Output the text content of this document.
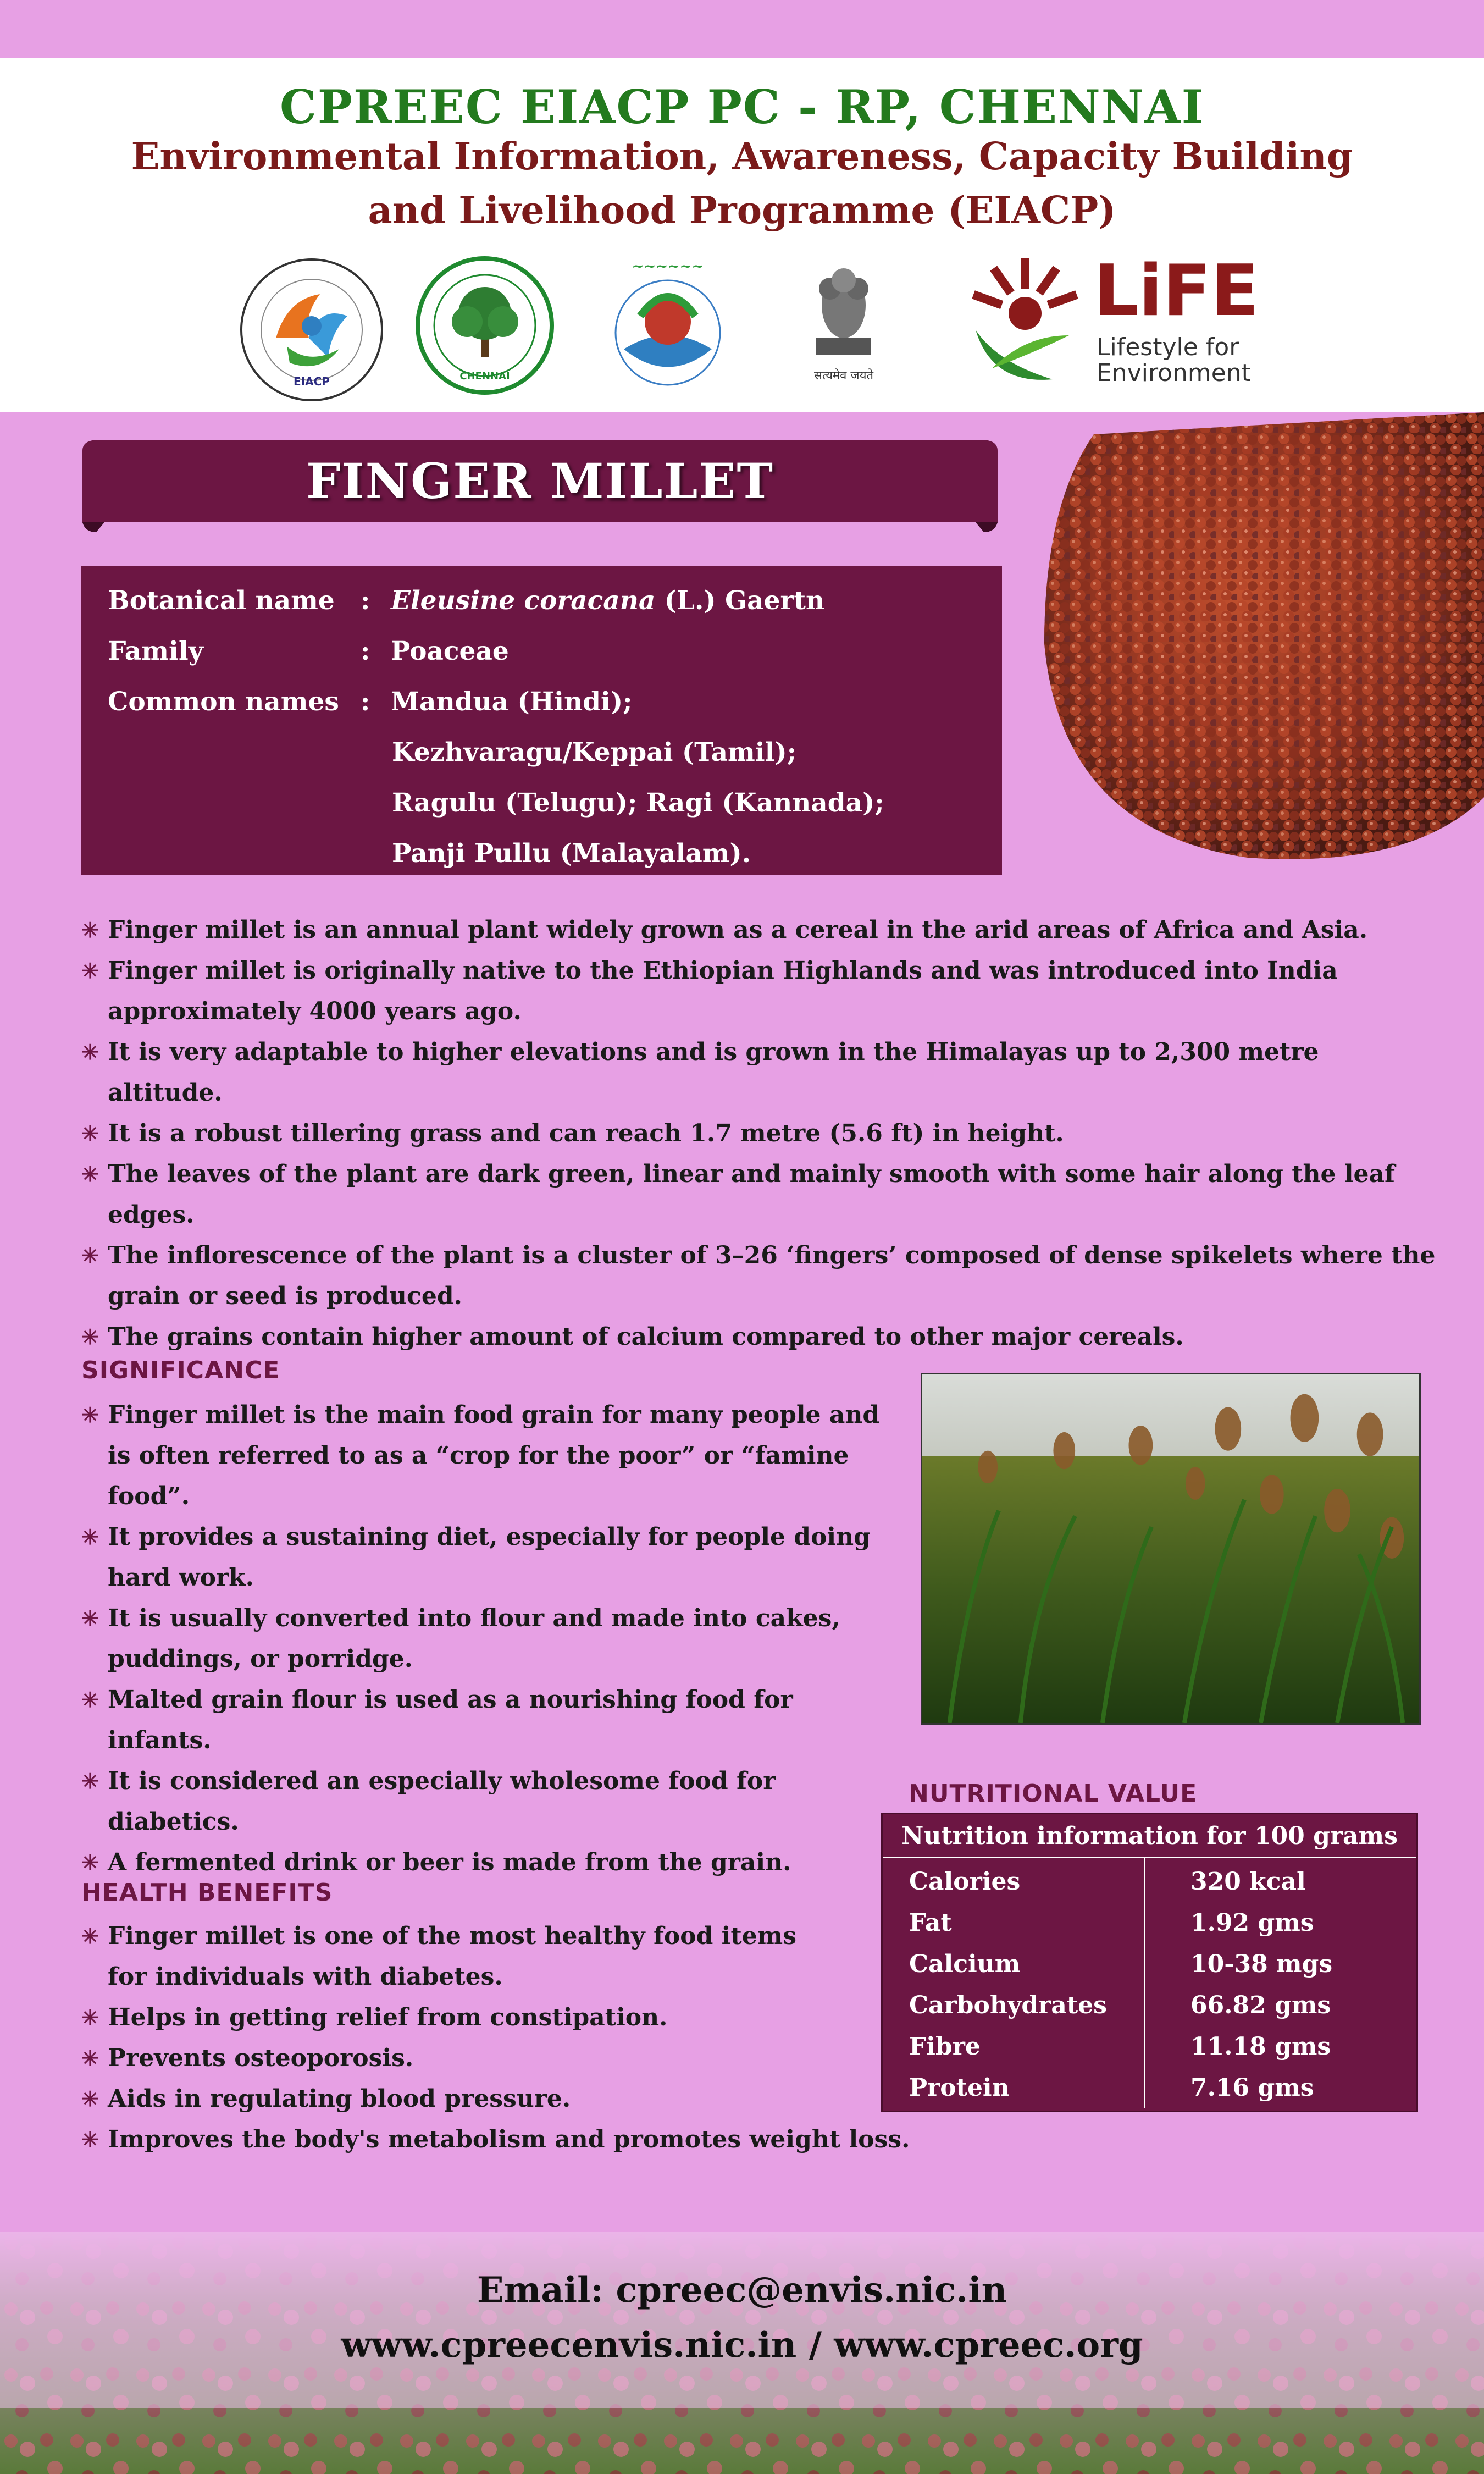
CPREEC EIACP PC - RP, CHENNAI
Environmental Information, Awareness, Capacity Building
and Livelihood Programme (EIACP)
EIACP	CHENNAI
~~~~~~
सत्यमेव जयते
LiFE
Lifestyle for
Environment
FINGER MILLET
Botanical name : Eleusine coracana (L.) Gaertn
Family	: Poaceae
Common names : Mandua (Hindi);
Kezhvaragu/Keppai (Tamil);
Ragulu (Telugu); Ragi (Kannada);
Panji Pullu (Malayalam).
✳ Finger millet is an annual plant widely grown as a cereal in the arid areas of Africa and Asia.
✳ Finger millet is originally native to the Ethiopian Highlands and was introduced into India approximately 4000 years ago.
✳ It is very adaptable to higher elevations and is grown in the Himalayas up to 2,300 metre altitude.
✳ It is a robust tillering grass and can reach 1.7 metre (5.6 ft) in height.
✳ The leaves of the plant are dark green, linear and mainly smooth with some hair along the leaf edges.
✳ The inflorescence of the plant is a cluster of 3–26 ‘fingers’ composed of dense spikelets where the grain or seed is produced.
✳ The grains contain higher amount of calcium compared to other major cereals.
SIGNIFICANCE
✳ Finger millet is the main food grain for many people and is often referred to as a “crop for the poor” or “famine food”.
✳ It provides a sustaining diet, especially for people doing hard work.
✳ It is usually converted into flour and made into cakes, puddings, or porridge.
✳ Malted grain flour is used as a nourishing food for infants.
✳ It is considered an especially wholesome food for diabetics.
✳ A fermented drink or beer is made from the grain.
NUTRITIONAL VALUE
Nutrition information for 100 grams
Calories	320 kcal
Fat	1.92 gms
Calcium	10-38 mgs
Carbohydrates	66.82 gms
Fibre	11.18 gms
Protein	7.16 gms
HEALTH BENEFITS
✳ Finger millet is one of the most healthy food items for individuals with diabetes.
✳ Helps in getting relief from constipation.
✳ Prevents osteoporosis.
✳ Aids in regulating blood pressure.
✳ Improves the body's metabolism and promotes weight loss.
Email: cpreec@envis.nic.in
www.cpreecenvis.nic.in / www.cpreec.org
